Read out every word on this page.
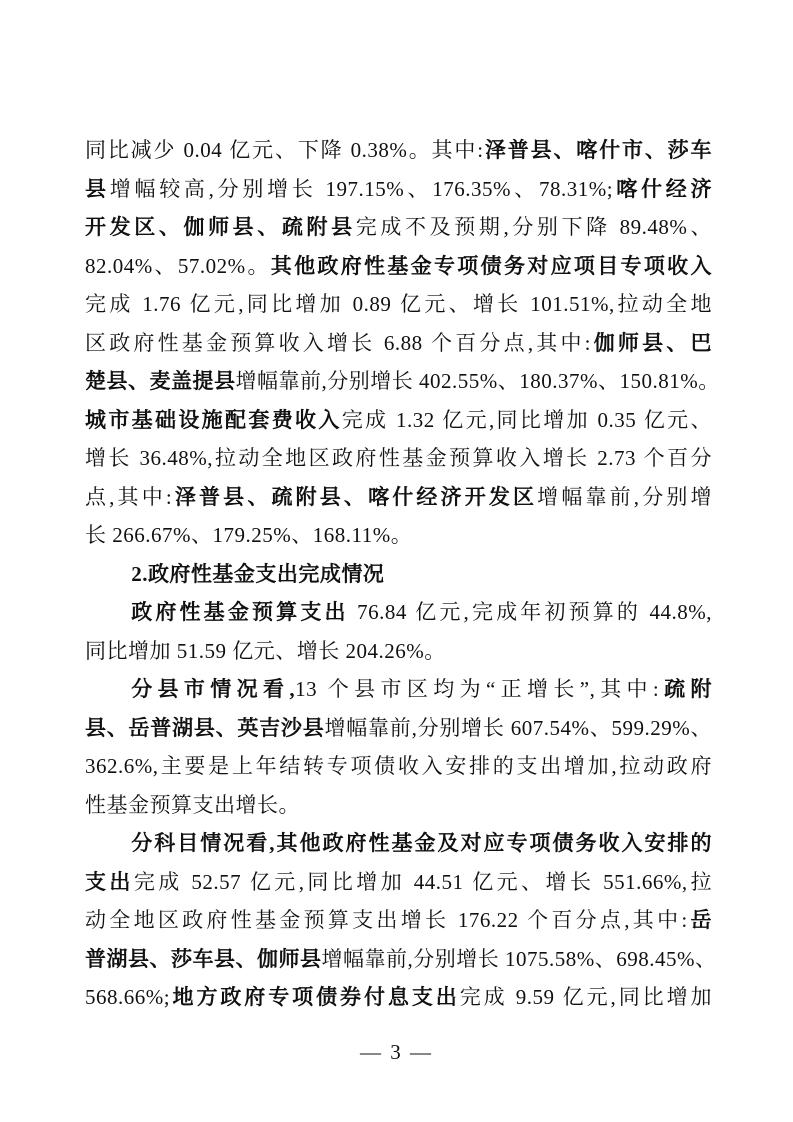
同比减少 0.04 亿元、下降 0.38%。其中:泽普县、喀什市、莎车
县增幅较高,分别增长 197.15%、176.35%、78.31%;喀什经济
开发区、伽师县、疏附县完成不及预期,分别下降 89.48%、
82.04%、57.02%。其他政府性基金专项债务对应项目专项收入
完成 1.76 亿元,同比增加 0.89 亿元、增长 101.51%,拉动全地
区政府性基金预算收入增长 6.88 个百分点,其中:伽师县、巴
楚县、麦盖提县增幅靠前,分别增长 402.55%、180.37%、150.81%。
城市基础设施配套费收入完成 1.32 亿元,同比增加 0.35 亿元、
增长 36.48%,拉动全地区政府性基金预算收入增长 2.73 个百分
点,其中:泽普县、疏附县、喀什经济开发区增幅靠前,分别增
长 266.67%、179.25%、168.11%。
2.政府性基金支出完成情况
政府性基金预算支出 76.84 亿元,完成年初预算的 44.8%,
同比增加 51.59 亿元、增长 204.26%。
分县市情况看,13 个县市区均为“正增长”,其中:疏附
县、岳普湖县、英吉沙县增幅靠前,分别增长 607.54%、599.29%、
362.6%,主要是上年结转专项债收入安排的支出增加,拉动政府
性基金预算支出增长。
分科目情况看,其他政府性基金及对应专项债务收入安排的
支出完成 52.57 亿元,同比增加 44.51 亿元、增长 551.66%,拉
动全地区政府性基金预算支出增长 176.22 个百分点,其中:岳
普湖县、莎车县、伽师县增幅靠前,分别增长 1075.58%、698.45%、
568.66%;地方政府专项债券付息支出完成 9.59 亿元,同比增加
— 3 —
